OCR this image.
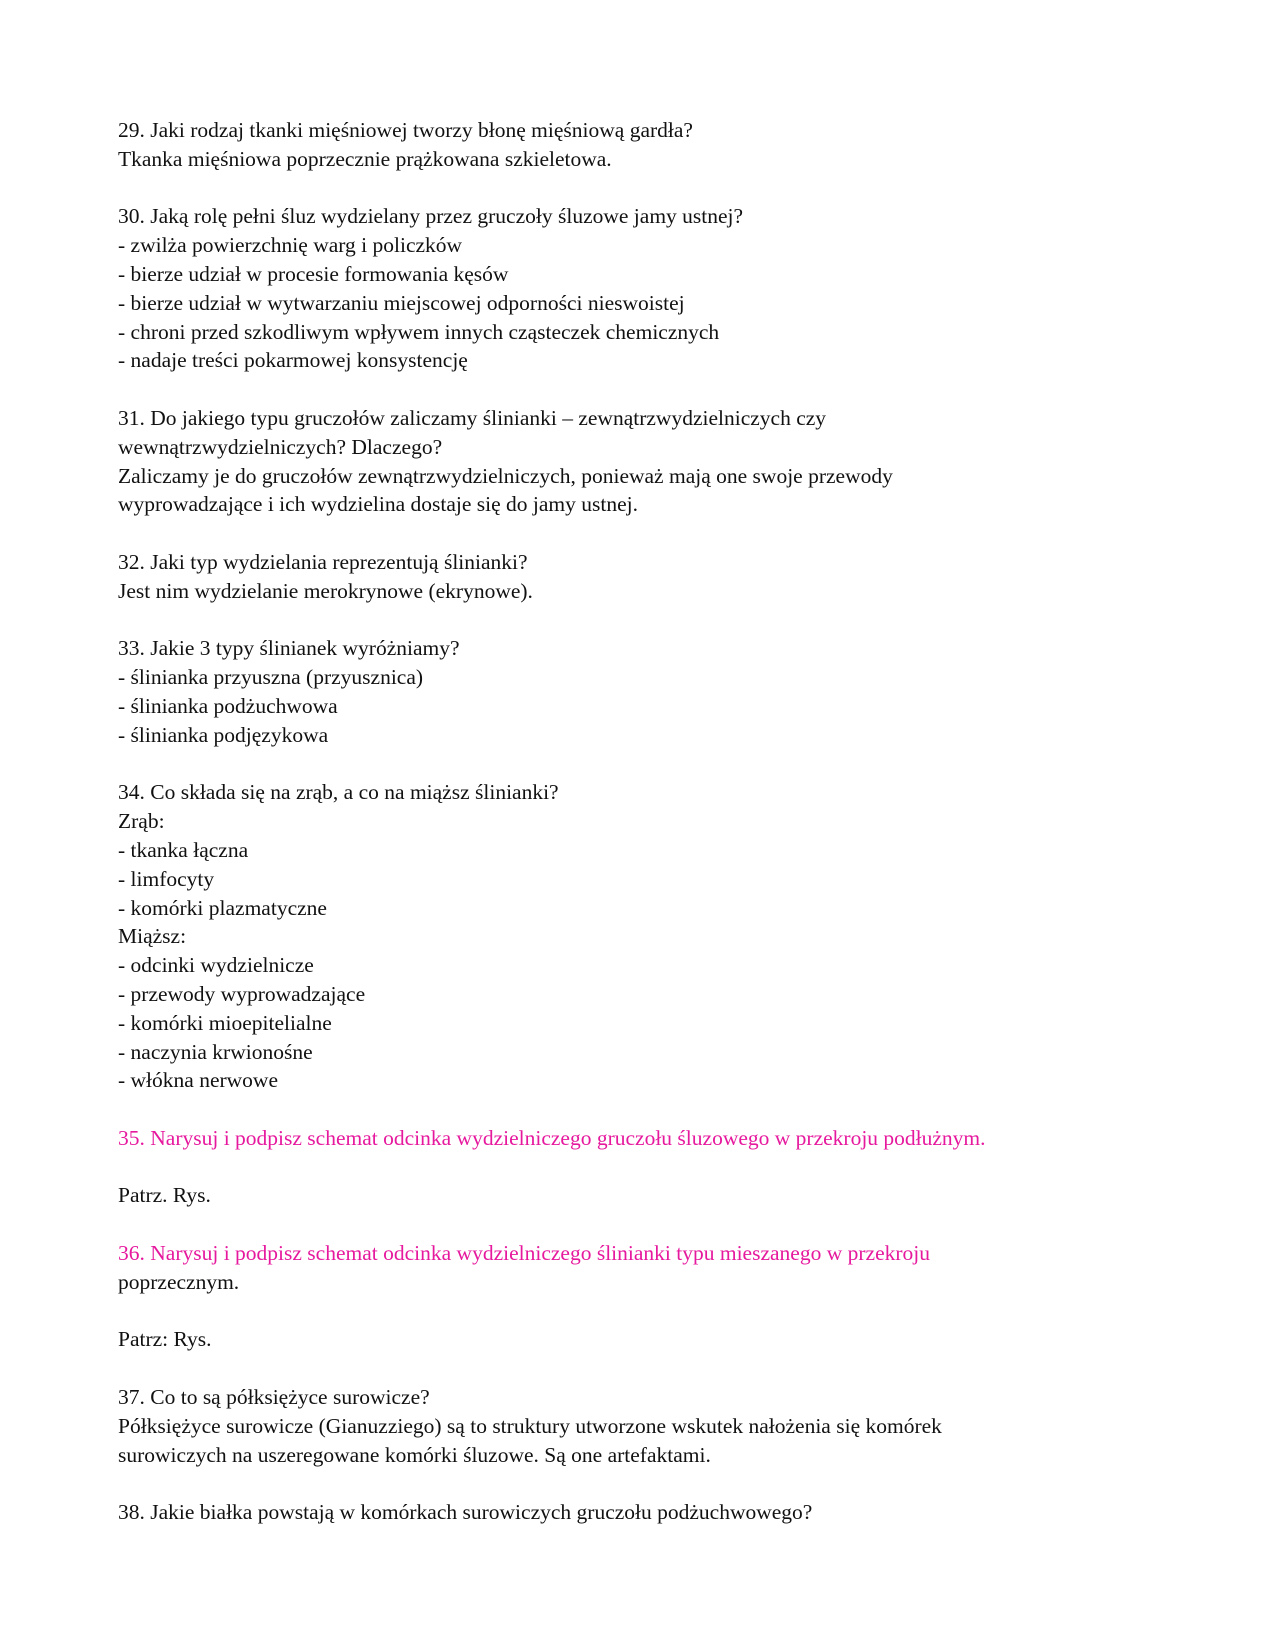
29. Jaki rodzaj tkanki mięśniowej tworzy błonę mięśniową gardła?
Tkanka mięśniowa poprzecznie prążkowana szkieletowa.
30. Jaką rolę pełni śluz wydzielany przez gruczoły śluzowe jamy ustnej?
- zwilża powierzchnię warg i policzków
- bierze udział w procesie formowania kęsów
- bierze udział w wytwarzaniu miejscowej odporności nieswoistej
- chroni przed szkodliwym wpływem innych cząsteczek chemicznych
- nadaje treści pokarmowej konsystencję
31. Do jakiego typu gruczołów zaliczamy ślinianki – zewnątrzwydzielniczych czy
wewnątrzwydzielniczych? Dlaczego?
Zaliczamy je do gruczołów zewnątrzwydzielniczych, ponieważ mają one swoje przewody
wyprowadzające i ich wydzielina dostaje się do jamy ustnej.
32. Jaki typ wydzielania reprezentują ślinianki?
Jest nim wydzielanie merokrynowe (ekrynowe).
33. Jakie 3 typy ślinianek wyróżniamy?
- ślinianka przyuszna (przyusznica)
- ślinianka podżuchwowa
- ślinianka podjęzykowa
34. Co składa się na zrąb, a co na miąższ ślinianki?
Zrąb:
- tkanka łączna
- limfocyty
- komórki plazmatyczne
Miąższ:
- odcinki wydzielnicze
- przewody wyprowadzające
- komórki mioepitelialne
- naczynia krwionośne
- włókna nerwowe
35. Narysuj i podpisz schemat odcinka wydzielniczego gruczołu śluzowego w przekroju podłużnym.
Patrz. Rys.
36. Narysuj i podpisz schemat odcinka wydzielniczego ślinianki typu mieszanego w przekroju
poprzecznym.
Patrz: Rys.
37. Co to są półksiężyce surowicze?
Półksiężyce surowicze (Gianuzziego) są to struktury utworzone wskutek nałożenia się komórek
surowiczych na uszeregowane komórki śluzowe. Są one artefaktami.
38. Jakie białka powstają w komórkach surowiczych gruczołu podżuchwowego?
